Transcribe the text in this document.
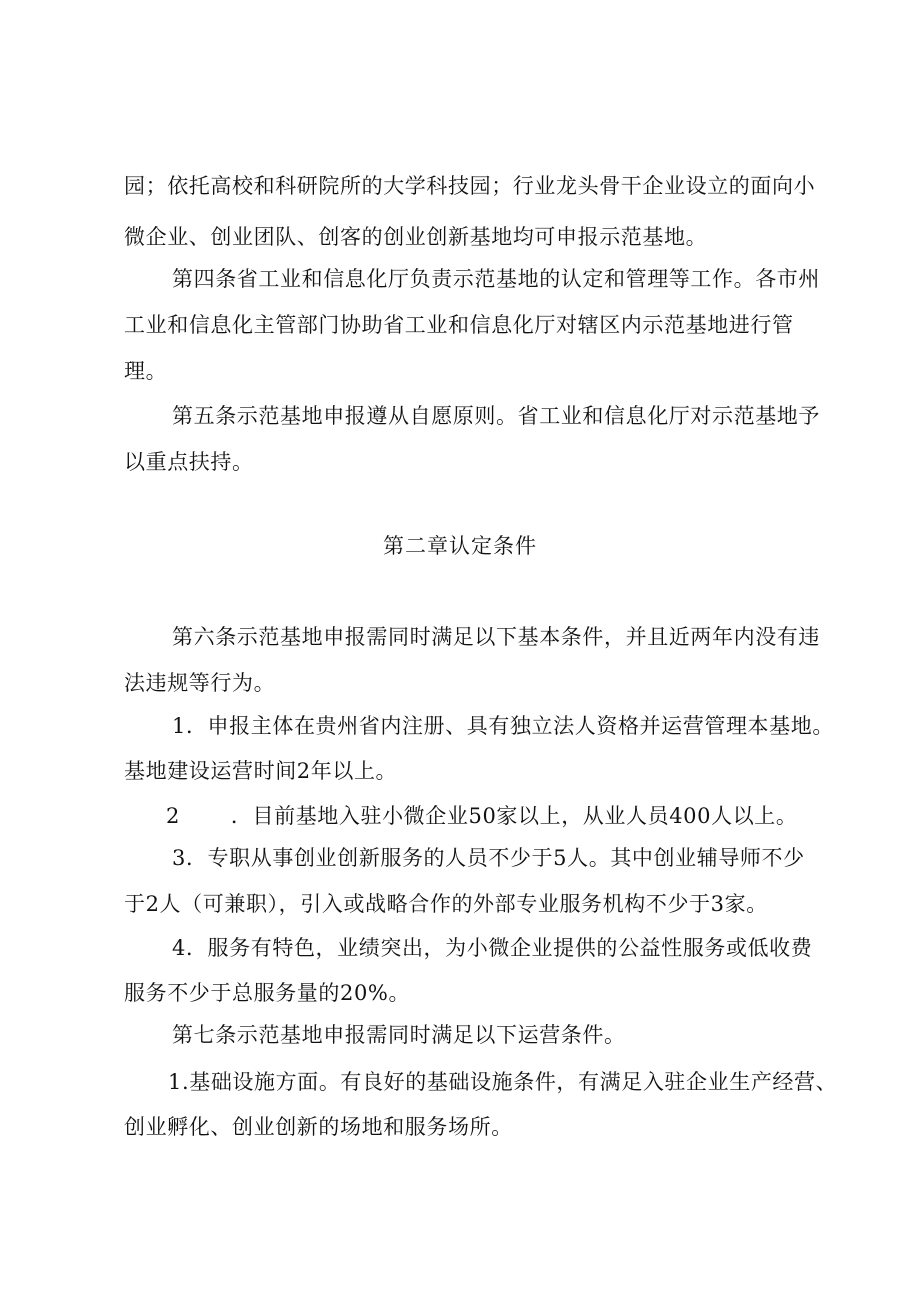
园；依托高校和科研院所的大学科技园；行业龙头骨干企业设立的面向小
微企业、创业团队、创客的创业创新基地均可申报示范基地。
第四条省工业和信息化厅负责示范基地的认定和管理等工作。各市州
工业和信息化主管部门协助省工业和信息化厅对辖区内示范基地进行管
理。
第五条示范基地申报遵从自愿原则。省工业和信息化厅对示范基地予
以重点扶持。
第二章认定条件
第六条示范基地申报需同时满足以下基本条件，并且近两年内没有违
法违规等行为。
1．申报主体在贵州省内注册、具有独立法人资格并运营管理本基地。
基地建设运营时间2年以上。
2       ．目前基地入驻小微企业50家以上，从业人员400人以上。
3．专职从事创业创新服务的人员不少于5人。其中创业辅导师不少
于2人（可兼职），引入或战略合作的外部专业服务机构不少于3家。
4．服务有特色，业绩突出，为小微企业提供的公益性服务或低收费
服务不少于总服务量的20%。
第七条示范基地申报需同时满足以下运营条件。
1.基础设施方面。有良好的基础设施条件，有满足入驻企业生产经营、
创业孵化、创业创新的场地和服务场所。
